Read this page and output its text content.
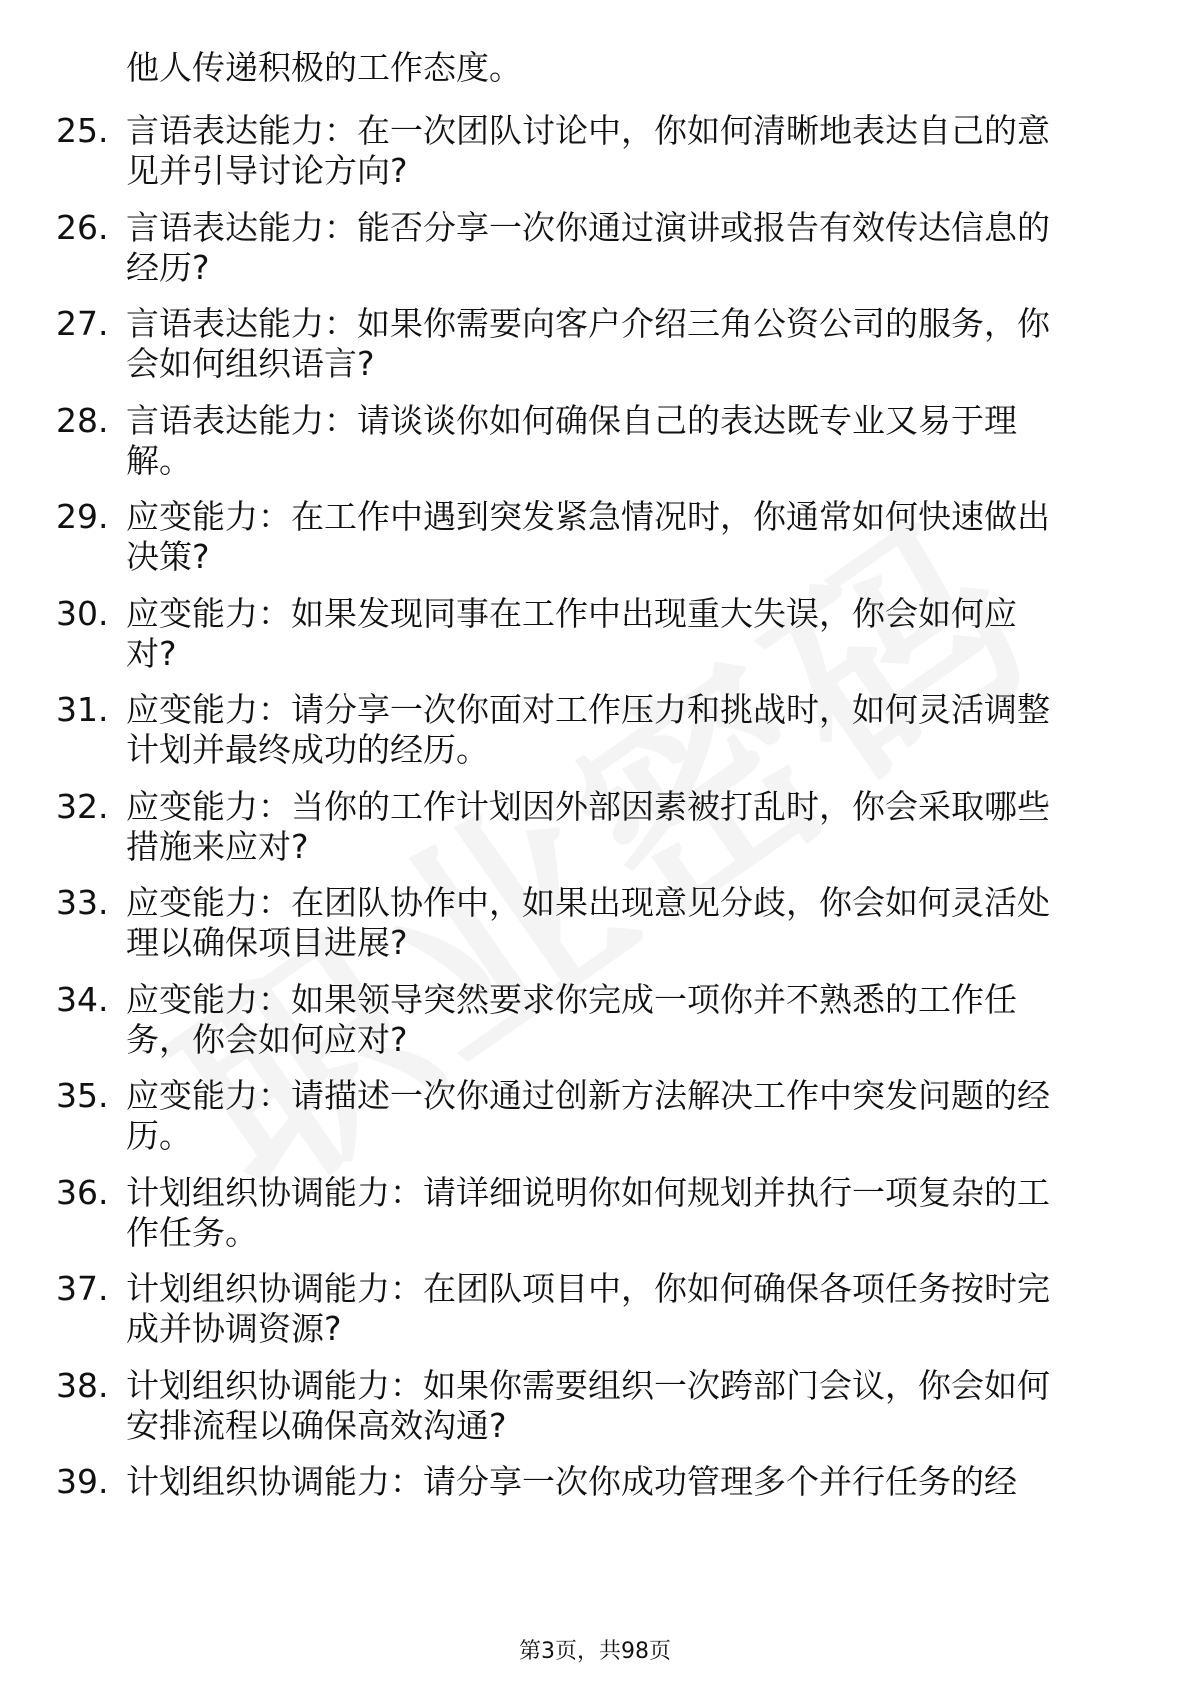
他人传递积极的工作态度。
25. 言语表达能力：在一次团队讨论中，你如何清晰地表达自己的意
见并引导讨论方向?
26. 言语表达能力：能否分享一次你通过演讲或报告有效传达信息的
经历?
27. 言语表达能力：如果你需要向客户介绍三角公资公司的服务，你
会如何组织语言?
28. 言语表达能力：请谈谈你如何确保自己的表达既专业又易于理
解。
29. 应变能力：在工作中遇到突发紧急情况时，你通常如何快速做出
决策?
30. 应变能力：如果发现同事在工作中出现重大失误，你会如何应
对?
31. 应变能力：请分享一次你面对工作压力和挑战时，如何灵活调整
计划并最终成功的经历。
32. 应变能力：当你的工作计划因外部因素被打乱时，你会采取哪些
措施来应对?
33. 应变能力：在团队协作中，如果出现意见分歧，你会如何灵活处
理以确保项目进展?
34. 应变能力：如果领导突然要求你完成一项你并不熟悉的工作任
务，你会如何应对?
35. 应变能力：请描述一次你通过创新方法解决工作中突发问题的经
历。
36. 计划组织协调能力：请详细说明你如何规划并执行一项复杂的工
作任务。
37. 计划组织协调能力：在团队项目中，你如何确保各项任务按时完
成并协调资源?
38. 计划组织协调能力：如果你需要组织一次跨部门会议，你会如何
安排流程以确保高效沟通?
39. 计划组织协调能力：请分享一次你成功管理多个并行任务的经
第3页，共98页
